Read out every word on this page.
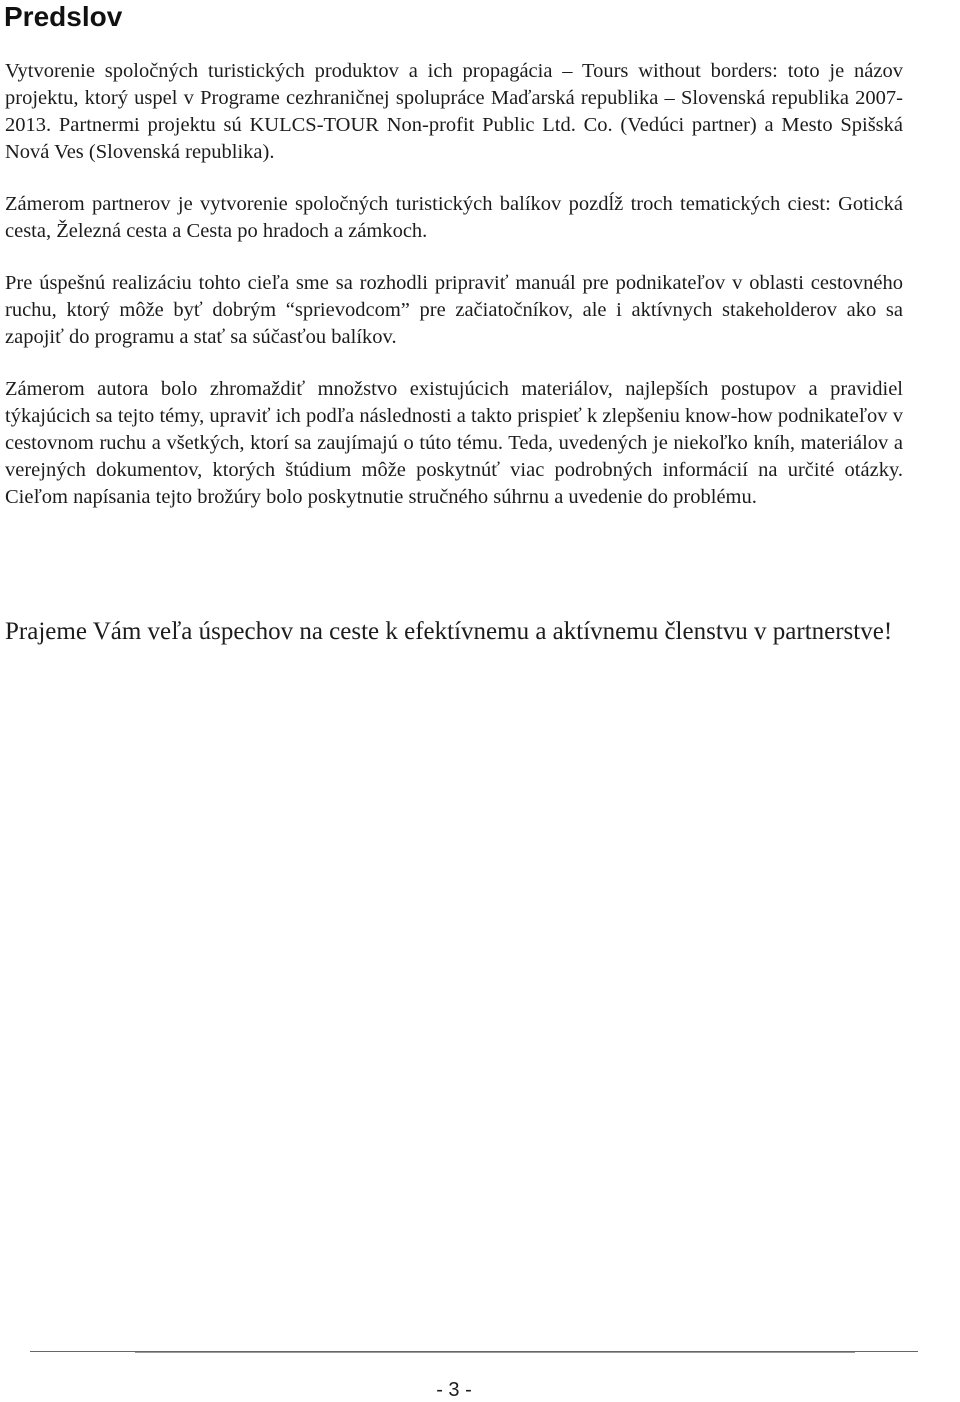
Predslov

Vytvorenie spoločných turistických produktov a ich propagácia – Tours without borders: toto je názov projektu, ktorý uspel v Programe cezhraničnej spolupráce Maďarská republika – Slovenská republika 2007-2013. Partnermi projektu sú KULCS-TOUR Non-profit Public Ltd. Co. (Vedúci partner) a Mesto Spišská Nová Ves (Slovenská republika).

Zámerom partnerov je vytvorenie spoločných turistických balíkov pozdĺž troch tematických ciest: Gotická cesta, Železná cesta a Cesta po hradoch a zámkoch.

Pre úspešnú realizáciu tohto cieľa sme sa rozhodli pripraviť manuál pre podnikateľov v oblasti cestovného ruchu, ktorý môže byť dobrým “sprievodcom” pre začiatočníkov, ale i aktívnych stakeholderov ako sa zapojiť do programu a stať sa súčasťou balíkov.

Zámerom autora bolo zhromaždiť množstvo existujúcich materiálov, najlepších postupov a pravidiel týkajúcich sa tejto témy, upraviť ich podľa následnosti a takto prispieť k zlepšeniu know-how podnikateľov v cestovnom ruchu a všetkých, ktorí sa zaujímajú o túto tému. Teda, uvedených je niekoľko kníh, materiálov a verejných dokumentov, ktorých štúdium môže poskytnúť viac podrobných informácií na určité otázky. Cieľom napísania tejto brožúry bolo poskytnutie stručného súhrnu a uvedenie do problému.

Prajeme Vám veľa úspechov na ceste k efektívnemu a aktívnemu členstvu v partnerstve!

- 3 -
